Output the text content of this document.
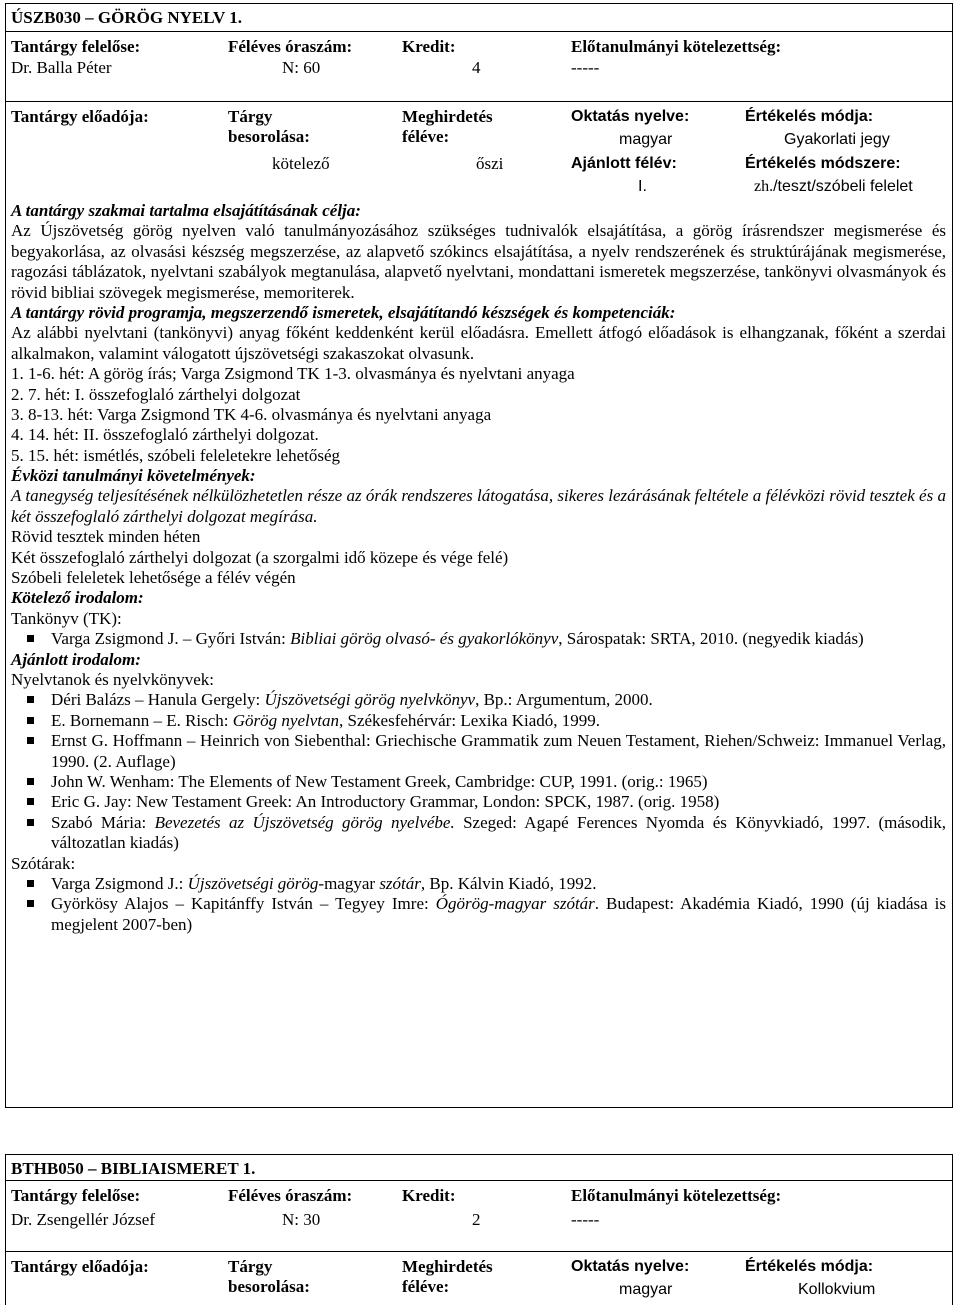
ÚSZB030 – GÖRÖG NYELV 1.
Tantárgy felelőse:
Dr. Balla Péter
Féléves óraszám:
N: 60
Kredit:
4
Előtanulmányi kötelezettség:
-----
Tantárgy előadója:	Tárgy
besorolása:
kötelező
Meghirdetés
féléve:
őszi
Oktatás nyelve:
magyar
Ajánlott félév:
I.
Értékelés módja:
Gyakorlati jegy
Értékelés módszere:
zh./teszt/szóbeli felelet

A tantárgy szakmai tartalma elsajátításának célja:

Az Újszövetség görög nyelven való tanulmányozásához szükséges tudnivalók elsajátítása, a görög írásrendszer megismerése és begyakorlása, az olvasási készség megszerzése, az alapvető szókincs elsajátítása, a nyelv rendszerének és struktúrájának megismerése, ragozási táblázatok, nyelvtani szabályok megtanulása, alapvető nyelvtani, mondattani ismeretek megszerzése, tankönyvi olvasmányok és rövid bibliai szövegek megismerése, memoriterek.

A tantárgy rövid programja, megszerzendő ismeretek, elsajátítandó készségek és kompetenciák:

Az alábbi nyelvtani (tankönyvi) anyag főként keddenként kerül előadásra. Emellett átfogó előadások is elhangzanak, főként a szerdai alkalmakon, valamint válogatott újszövetségi szakaszokat olvasunk.

1. 1-6. hét: A görög írás; Varga Zsigmond TK 1-3. olvasmánya és nyelvtani anyaga

2. 7. hét: I. összefoglaló zárthelyi dolgozat

3. 8-13. hét: Varga Zsigmond TK 4-6. olvasmánya és nyelvtani anyaga

4. 14. hét: II. összefoglaló zárthelyi dolgozat.

5. 15. hét: ismétlés, szóbeli feleletekre lehetőség

Évközi tanulmányi követelmények:

A tanegység teljesítésének nélkülözhetetlen része az órák rendszeres látogatása, sikeres lezárásának feltétele a félévközi rövid tesztek és a két összefoglaló zárthelyi dolgozat megírása.

Rövid tesztek minden héten

Két összefoglaló zárthelyi dolgozat (a szorgalmi idő közepe és vége felé)

Szóbeli feleletek lehetősége a félév végén

Kötelező irodalom:

Tankönyv (TK):

Varga Zsigmond J. – Győri István: Bibliai görög olvasó- és gyakorlókönyv, Sárospatak: SRTA, 2010. (negyedik kiadás)

Ajánlott irodalom:

Nyelvtanok és nyelvkönyvek:

Déri Balázs – Hanula Gergely: Újszövetségi görög nyelvkönyv, Bp.: Argumentum, 2000.
E. Bornemann – E. Risch: Görög nyelvtan, Székesfehérvár: Lexika Kiadó, 1999.
Ernst G. Hoffmann – Heinrich von Siebenthal: Griechische Grammatik zum Neuen Testament, Riehen/Schweiz: Immanuel Verlag, 1990. (2. Auflage)
John W. Wenham: The Elements of New Testament Greek, Cambridge: CUP, 1991. (orig.: 1965)
Eric G. Jay: New Testament Greek: An Introductory Grammar, London: SPCK, 1987. (orig. 1958)
Szabó Mária: Bevezetés az Újszövetség görög nyelvébe. Szeged: Agapé Ferences Nyomda és Könyvkiadó, 1997. (második, változatlan kiadás)

Szótárak:

Varga Zsigmond J.: Újszövetségi görög-magyar szótár, Bp. Kálvin Kiadó, 1992.
Györkösy Alajos – Kapitánffy István – Tegyey Imre: Ógörög-magyar szótár. Budapest: Akadémia Kiadó, 1990 (új kiadása is megjelent 2007-ben)
BTHB050 – BIBLIAISMERET 1.
Tantárgy felelőse:
Dr. Zsengellér József
Féléves óraszám:
N: 30
Kredit:
2
Előtanulmányi kötelezettség:
-----
Tantárgy előadója:	Tárgy
besorolása:
Meghirdetés
féléve:
Oktatás nyelve:
magyar
Értékelés módja:
Kollokvium
